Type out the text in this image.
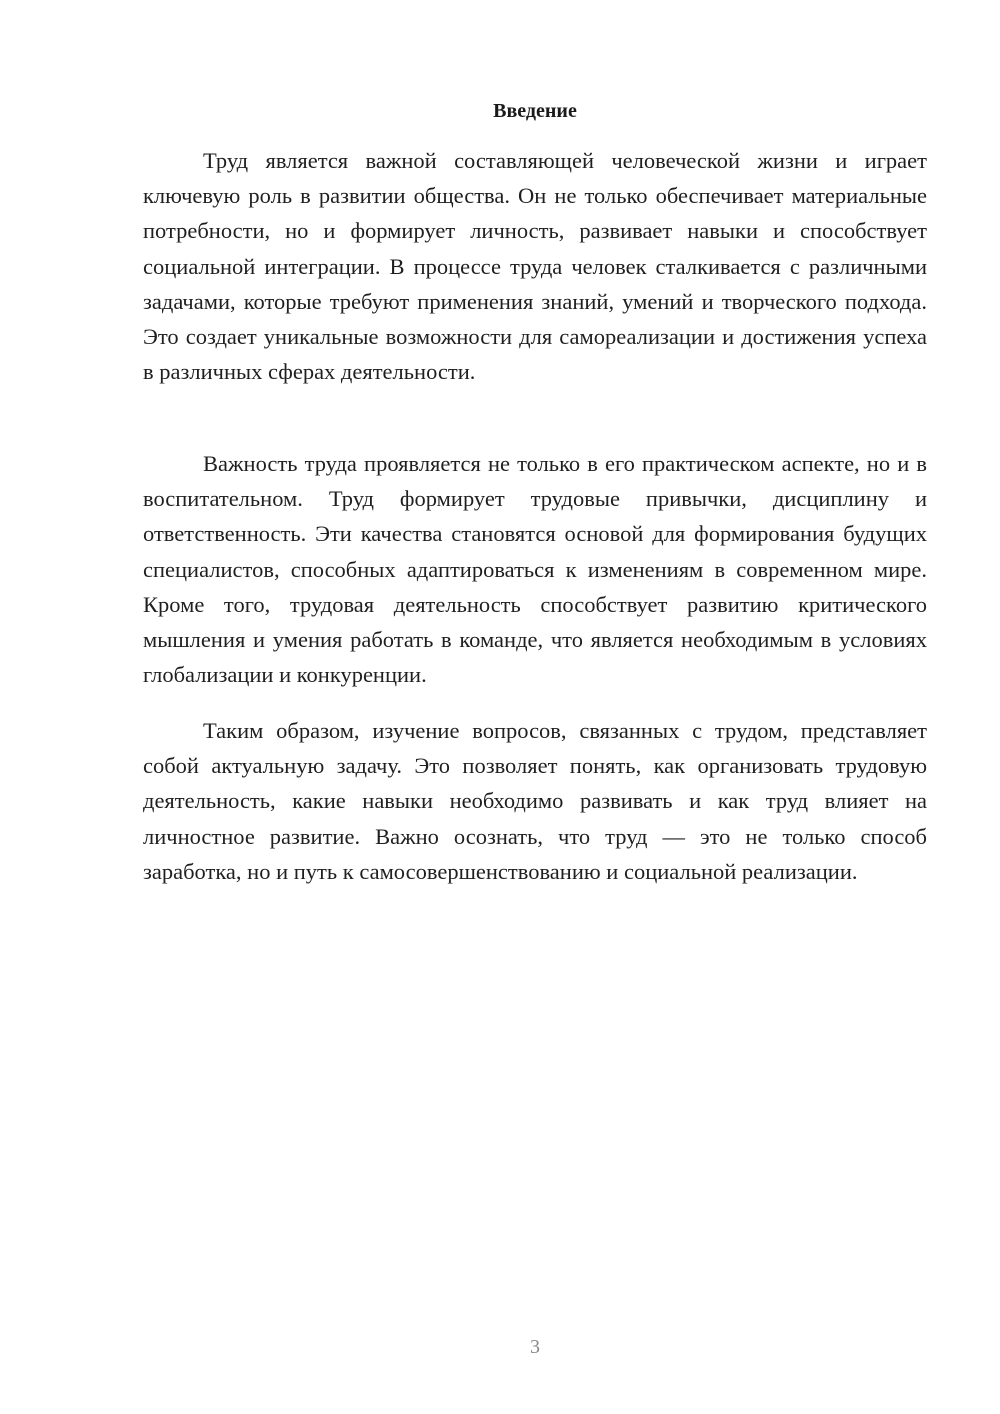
Введение

Труд является важной составляющей человеческой жизни и играет ключевую роль в развитии общества. Он не только обеспечивает материальные потребности, но и формирует личность, развивает навыки и способствует социальной интеграции. В процессе труда человек сталкивается с различными задачами, которые требуют применения знаний, умений и творческого подхода. Это создает уникальные возможности для самореализации и достижения успеха в различных сферах деятельности.

Важность труда проявляется не только в его практическом аспекте, но и в воспитательном. Труд формирует трудовые привычки, дисциплину и ответственность. Эти качества становятся основой для формирования будущих специалистов, способных адаптироваться к изменениям в современном мире. Кроме того, трудовая деятельность способствует развитию критического мышления и умения работать в команде, что является необходимым в условиях глобализации и конкуренции.

Таким образом, изучение вопросов, связанных с трудом, представляет собой актуальную задачу. Это позволяет понять, как организовать трудовую деятельность, какие навыки необходимо развивать и как труд влияет на личностное развитие. Важно осознать, что труд — это не только способ заработка, но и путь к самосовершенствованию и социальной реализации.

3
